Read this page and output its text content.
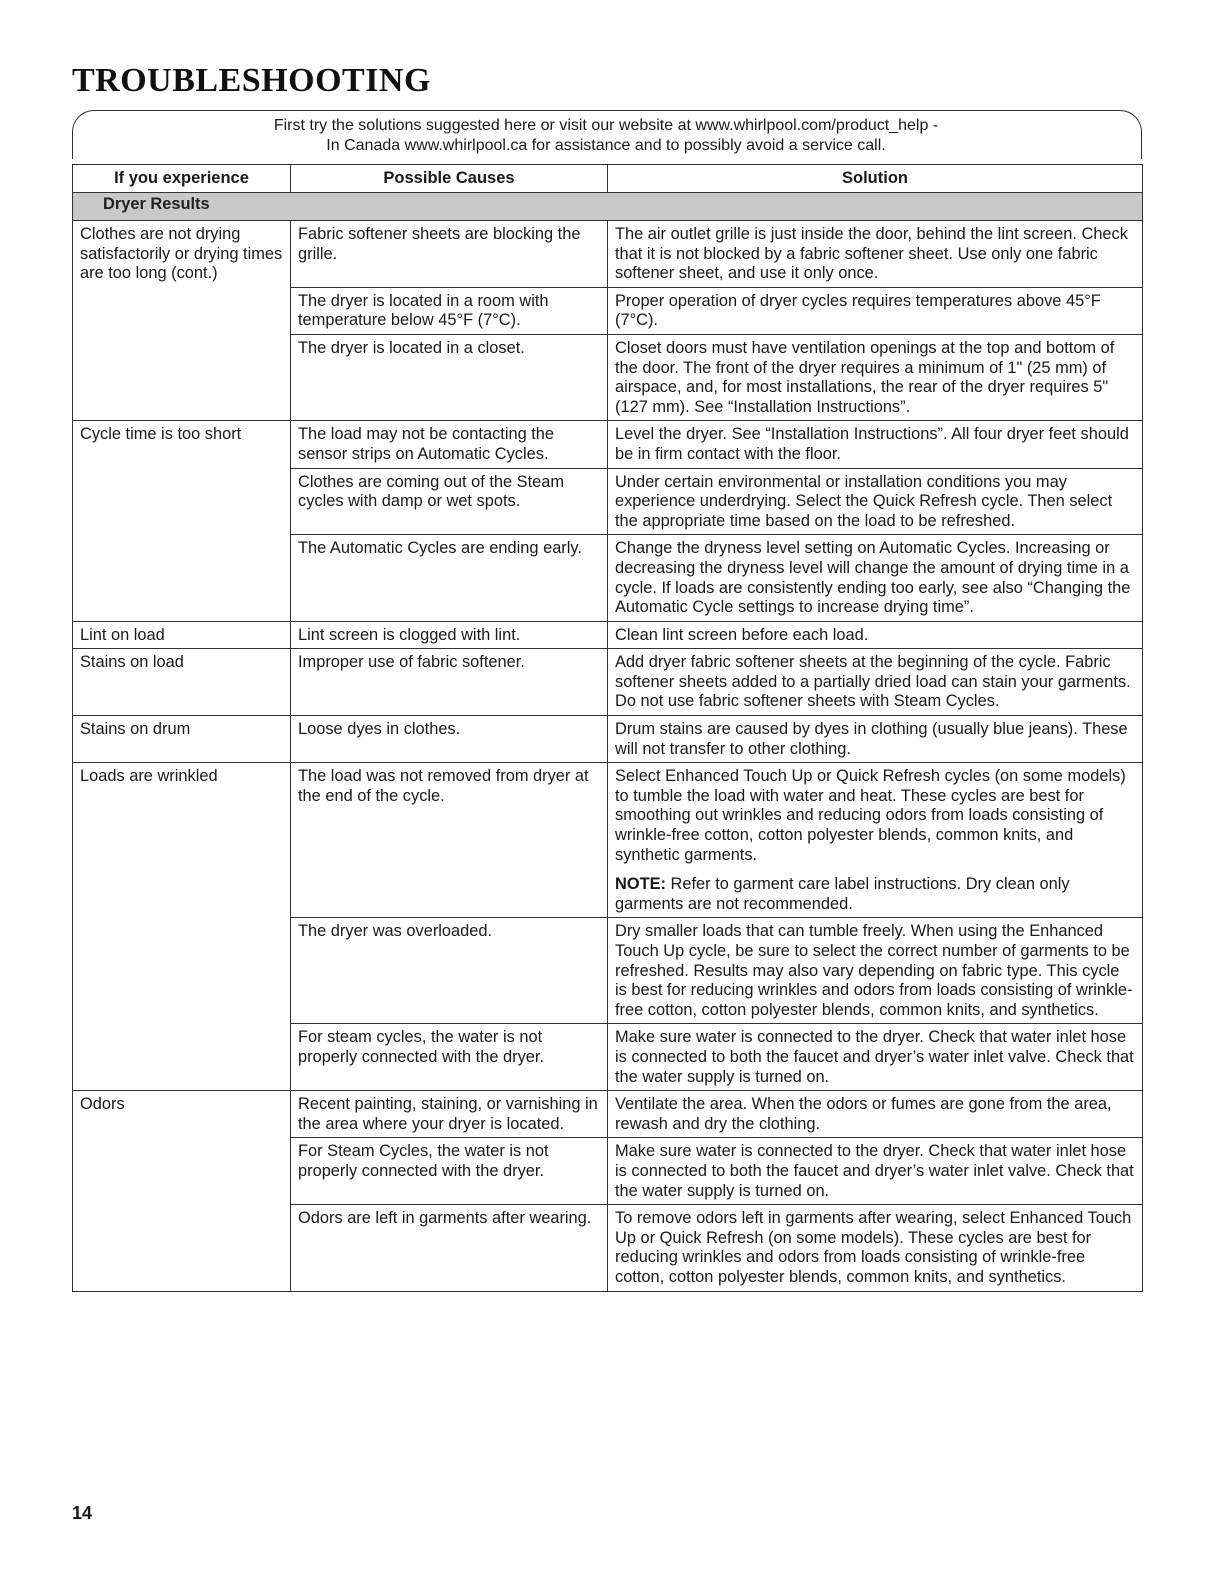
TROUBLESHOOTING
First try the solutions suggested here or visit our website at www.whirlpool.com/product_help -
In Canada www.whirlpool.ca for assistance and to possibly avoid a service call.
If you experience	Possible Causes	Solution
Dryer Results		
Clothes are not drying satisfactorily or drying times are too long (cont.)	Fabric softener sheets are blocking the grille.	The air outlet grille is just inside the door, behind the lint screen. Check that it is not blocked by a fabric softener sheet. Use only one fabric softener sheet, and use it only once.
	The dryer is located in a room with temperature below 45°F (7°C).	Proper operation of dryer cycles requires temperatures above 45°F (7°C).
	The dryer is located in a closet.	Closet doors must have ventilation openings at the top and bottom of the door. The front of the dryer requires a minimum of 1" (25 mm) of airspace, and, for most installations, the rear of the dryer requires 5" (127 mm). See “Installation Instructions”.
Cycle time is too short	The load may not be contacting the sensor strips on Automatic Cycles.	Level the dryer. See “Installation Instructions”. All four dryer feet should be in firm contact with the floor.
	Clothes are coming out of the Steam cycles with damp or wet spots.	Under certain environmental or installation conditions you may experience underdrying. Select the Quick Refresh cycle. Then select the appropriate time based on the load to be refreshed.
	The Automatic Cycles are ending early.	Change the dryness level setting on Automatic Cycles. Increasing or decreasing the dryness level will change the amount of drying time in a cycle. If loads are consistently ending too early, see also “Changing the Automatic Cycle settings to increase drying time”.
Lint on load	Lint screen is clogged with lint.	Clean lint screen before each load.
Stains on load	Improper use of fabric softener.	Add dryer fabric softener sheets at the beginning of the cycle. Fabric softener sheets added to a partially dried load can stain your garments. Do not use fabric softener sheets with Steam Cycles.
Stains on drum	Loose dyes in clothes.	Drum stains are caused by dyes in clothing (usually blue jeans). These will not transfer to other clothing.
Loads are wrinkled	The load was not removed from dryer at the end of the cycle.	Select Enhanced Touch Up or Quick Refresh cycles (on some models) to tumble the load with water and heat. These cycles are best for smoothing out wrinkles and reducing odors from loads consisting of wrinkle-free cotton, cotton polyester blends, common knits, and synthetic garments.
NOTE: Refer to garment care label instructions. Dry clean only garments are not recommended.

	The dryer was overloaded.	Dry smaller loads that can tumble freely. When using the Enhanced Touch Up cycle, be sure to select the correct number of garments to be refreshed. Results may also vary depending on fabric type. This cycle is best for reducing wrinkles and odors from loads consisting of wrinkle-free cotton, cotton polyester blends, common knits, and synthetics.
	For steam cycles, the water is not properly connected with the dryer.	Make sure water is connected to the dryer. Check that water inlet hose is connected to both the faucet and dryer’s water inlet valve. Check that the water supply is turned on.
Odors	Recent painting, staining, or varnishing in the area where your dryer is located.	Ventilate the area. When the odors or fumes are gone from the area, rewash and dry the clothing.
	For Steam Cycles, the water is not properly connected with the dryer.	Make sure water is connected to the dryer. Check that water inlet hose is connected to both the faucet and dryer’s water inlet valve. Check that the water supply is turned on.
	Odors are left in garments after wearing.	To remove odors left in garments after wearing, select Enhanced Touch Up or Quick Refresh (on some models). These cycles are best for reducing wrinkles and odors from loads consisting of wrinkle-free cotton, cotton polyester blends, common knits, and synthetics.
14
